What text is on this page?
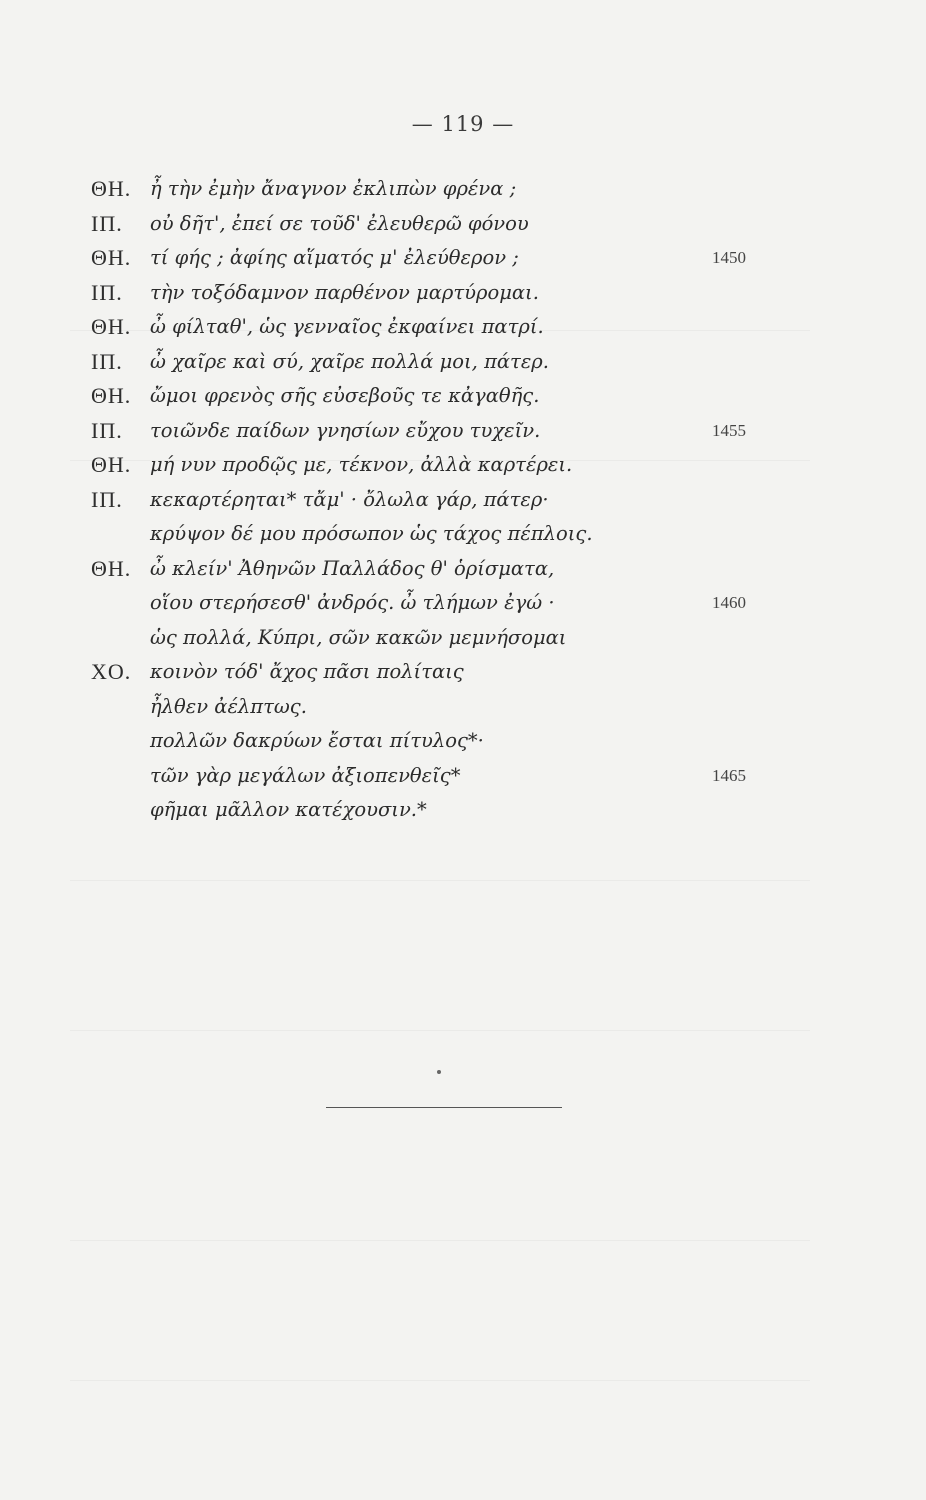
— 119 —
ΘΗ. ἦ τὴν ἐμὴν ἄναγνον ἐκλιπὼν φρένα ;
ΙΠ. οὐ δῆτ', ἐπεί σε τοῦδ' ἐλευθερῶ φόνου
ΘΗ. τί φής ; ἀφίης αἵματός μ' ἐλεύθερον ;	1450
ΙΠ. τὴν τοξόδαμνον παρθένον μαρτύρομαι.
ΘΗ. ὦ φίλταθ', ὡς γενναῖος ἐκφαίνει πατρί.
ΙΠ. ὦ χαῖρε καὶ σύ, χαῖρε πολλά μοι, πάτερ.
ΘΗ. ὤμοι φρενὸς σῆς εὐσεβοῦς τε κἀγαθῆς.
ΙΠ. τοιῶνδε παίδων γνησίων εὔχου τυχεῖν.	1455
ΘΗ. μή νυν προδῷς με, τέκνον, ἀλλὰ καρτέρει.
ΙΠ. κεκαρτέρηται* τἄμ' · ὄλωλα γάρ, πάτερ·
κρύψον δέ μου πρόσωπον ὡς τάχος πέπλοις.
ΘΗ. ὦ κλείν' Ἀθηνῶν Παλλάδος θ' ὁρίσματα,
οἵου στερήσεσθ' ἀνδρός. ὦ τλήμων ἐγώ ·	1460
ὡς πολλά, Κύπρι, σῶν κακῶν μεμνήσομαι
ΧΟ. κοινὸν τόδ' ἄχος πᾶσι πολίταις
ἦλθεν ἀέλπτως.
πολλῶν δακρύων ἔσται πίτυλος*·
τῶν γὰρ μεγάλων ἀξιοπενθεῖς*	1465
φῆμαι μᾶλλον κατέχουσιν.*
